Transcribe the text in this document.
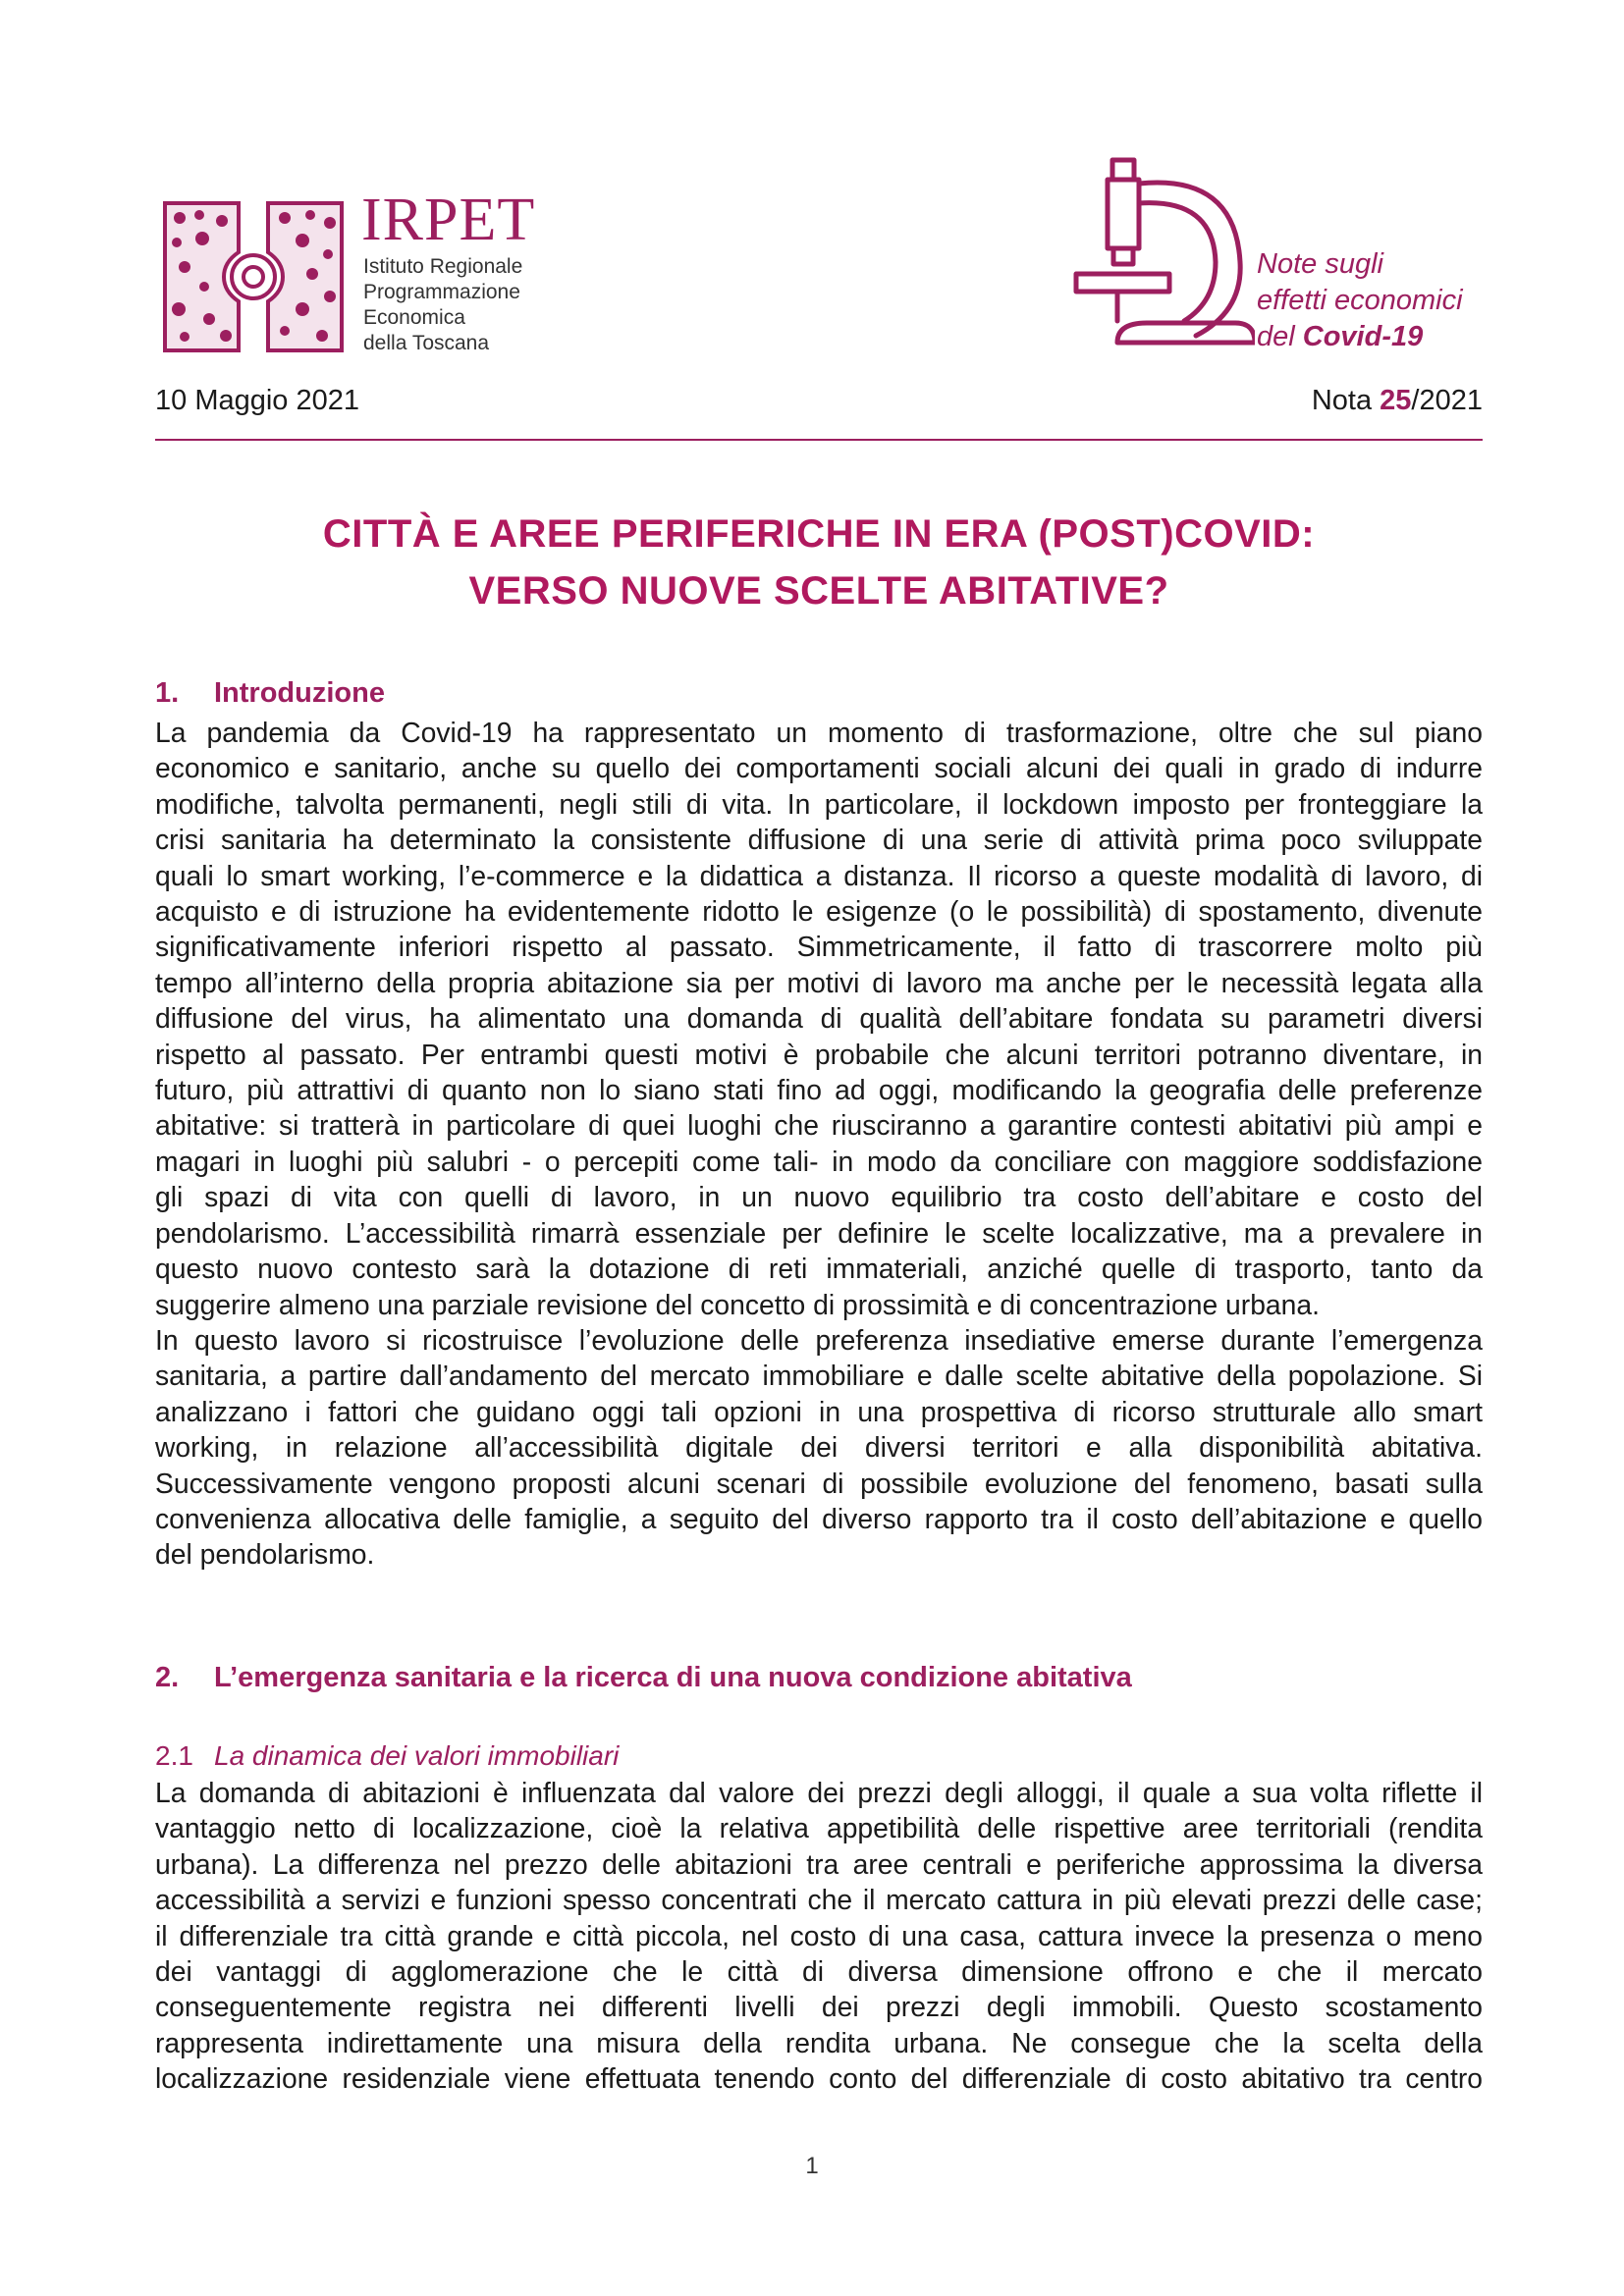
IRPET
Istituto Regionale
Programmazione
Economica
della Toscana
Note sugli
effetti economici
del Covid-19
10 Maggio 2021	Nota 25/2021
CITTÀ E AREE PERIFERICHE IN ERA (POST)COVID:
VERSO NUOVE SCELTE ABITATIVE?
1. Introduzione
La pandemia da Covid-19 ha rappresentato un momento di trasformazione, oltre che sul piano
economico e sanitario, anche su quello dei comportamenti sociali alcuni dei quali in grado di indurre
modifiche, talvolta permanenti, negli stili di vita. In particolare, il lockdown imposto per fronteggiare la
crisi sanitaria ha determinato la consistente diffusione di una serie di attività prima poco sviluppate
quali lo smart working, l’e-commerce e la didattica a distanza. Il ricorso a queste modalità di lavoro, di
acquisto e di istruzione ha evidentemente ridotto le esigenze (o le possibilità) di spostamento, divenute
significativamente inferiori rispetto al passato. Simmetricamente, il fatto di trascorrere molto più
tempo all’interno della propria abitazione sia per motivi di lavoro ma anche per le necessità legata alla
diffusione del virus, ha alimentato una domanda di qualità dell’abitare fondata su parametri diversi
rispetto al passato. Per entrambi questi motivi è probabile che alcuni territori potranno diventare, in
futuro, più attrattivi di quanto non lo siano stati fino ad oggi, modificando la geografia delle preferenze
abitative: si tratterà in particolare di quei luoghi che riusciranno a garantire contesti abitativi più ampi e
magari in luoghi più salubri - o percepiti come tali- in modo da conciliare con maggiore soddisfazione
gli spazi di vita con quelli di lavoro, in un nuovo equilibrio tra costo dell’abitare e costo del
pendolarismo. L’accessibilità rimarrà essenziale per definire le scelte localizzative, ma a prevalere in
questo nuovo contesto sarà la dotazione di reti immateriali, anziché quelle di trasporto, tanto da
suggerire almeno una parziale revisione del concetto di prossimità e di concentrazione urbana.
In questo lavoro si ricostruisce l’evoluzione delle preferenza insediative emerse durante l’emergenza
sanitaria, a partire dall’andamento del mercato immobiliare e dalle scelte abitative della popolazione. Si
analizzano i fattori che guidano oggi tali opzioni in una prospettiva di ricorso strutturale allo smart
working, in relazione all’accessibilità digitale dei diversi territori e alla disponibilità abitativa.
Successivamente vengono proposti alcuni scenari di possibile evoluzione del fenomeno, basati sulla
convenienza allocativa delle famiglie, a seguito del diverso rapporto tra il costo dell’abitazione e quello
del pendolarismo.
2. L’emergenza sanitaria e la ricerca di una nuova condizione abitativa
2.1 La dinamica dei valori immobiliari
La domanda di abitazioni è influenzata dal valore dei prezzi degli alloggi, il quale a sua volta riflette il
vantaggio netto di localizzazione, cioè la relativa appetibilità delle rispettive aree territoriali (rendita
urbana). La differenza nel prezzo delle abitazioni tra aree centrali e periferiche approssima la diversa
accessibilità a servizi e funzioni spesso concentrati che il mercato cattura in più elevati prezzi delle case;
il differenziale tra città grande e città piccola, nel costo di una casa, cattura invece la presenza o meno
dei vantaggi di agglomerazione che le città di diversa dimensione offrono e che il mercato
conseguentemente registra nei differenti livelli dei prezzi degli immobili. Questo scostamento
rappresenta indirettamente una misura della rendita urbana. Ne consegue che la scelta della
localizzazione residenziale viene effettuata tenendo conto del differenziale di costo abitativo tra centro
1
